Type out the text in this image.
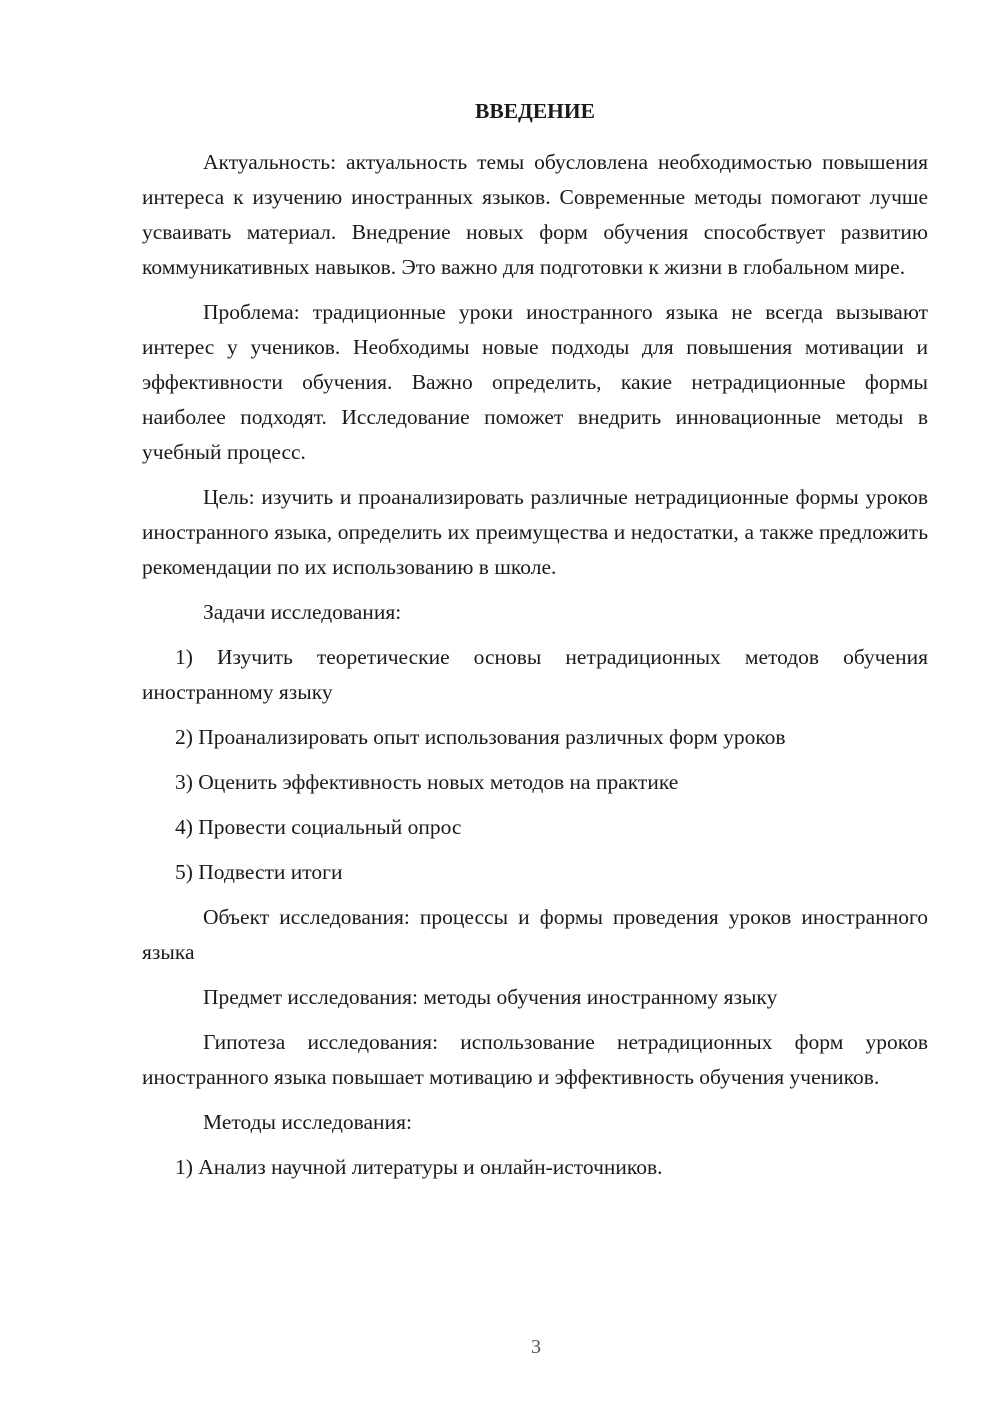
ВВЕДЕНИЕ

Актуальность: актуальность темы обусловлена необходимостью повышения интереса к изучению иностранных языков. Современные методы помогают лучше усваивать материал. Внедрение новых форм обучения способствует развитию коммуникативных навыков. Это важно для подготовки к жизни в глобальном мире.

Проблема: традиционные уроки иностранного языка не всегда вызывают интерес у учеников. Необходимы новые подходы для повышения мотивации и эффективности обучения. Важно определить, какие нетрадиционные формы наиболее подходят. Исследование поможет внедрить инновационные методы в учебный процесс.

Цель: изучить и проанализировать различные нетрадиционные формы уроков иностранного языка, определить их преимущества и недостатки, а также предложить рекомендации по их использованию в школе.

Задачи исследования:

1) Изучить теоретические основы нетрадиционных методов обучения иностранному языку

2) Проанализировать опыт использования различных форм уроков

3) Оценить эффективность новых методов на практике

4) Провести социальный опрос

5) Подвести итоги

Объект исследования: процессы и формы проведения уроков иностранного языка

Предмет исследования: методы обучения иностранному языку

Гипотеза исследования: использование нетрадиционных форм уроков иностранного языка повышает мотивацию и эффективность обучения учеников.

Методы исследования:

1) Анализ научной литературы и онлайн-источников.

3
